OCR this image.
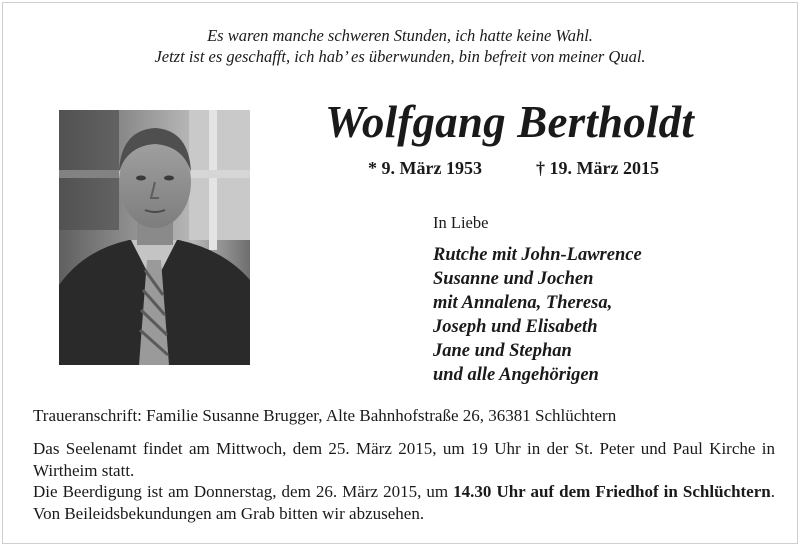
Es waren manche schweren Stunden, ich hatte keine Wahl.
Jetzt ist es geschafft, ich hab’ es überwunden, bin befreit von meiner Qual.
Wolfgang Bertholdt
* 9. März 1953	† 19. März 2015
In Liebe
Rutche mit John-Lawrence
Susanne und Jochen
mit Annalena, Theresa,
Joseph und Elisabeth
Jane und Stephan
und alle Angehörigen
Traueranschrift: Familie Susanne Brugger, Alte Bahnhofstraße 26, 36381 Schlüchtern

Das Seelenamt findet am Mittwoch, dem 25. März 2015, um 19 Uhr in der St. Peter und Paul Kirche in Wirtheim statt.

Die Beerdigung ist am Donnerstag, dem 26. März 2015, um 14.30 Uhr auf dem Friedhof in Schlüchtern. Von Beileidsbekundungen am Grab bitten wir abzusehen.
